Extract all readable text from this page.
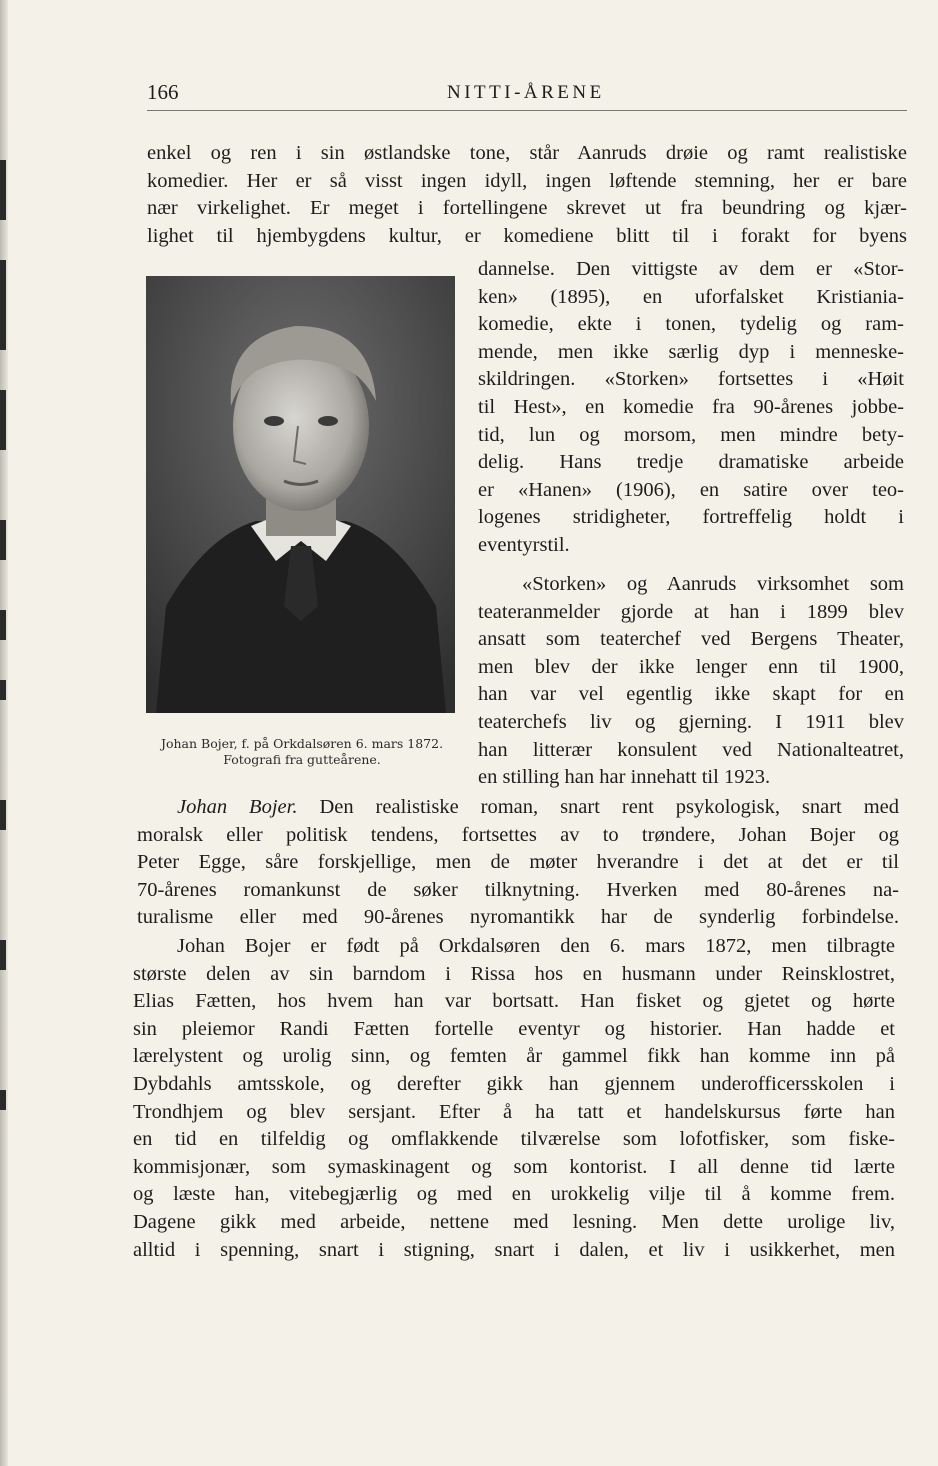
166	NITTI-ÅRENE
enkel og ren i sin østlandske tone, står Aanruds drøie og ramt realistiske
komedier. Her er så visst ingen idyll, ingen løftende stemning, her er bare
nær virkelighet. Er meget i fortellingene skrevet ut fra beundring og kjær-
lighet til hjembygdens kultur, er komediene blitt til i forakt for byens
Johan Bojer, f. på Orkdalsøren 6. mars 1872.
Fotografi fra gutteårene.
dannelse. Den vittigste av dem er «Stor-
ken» (1895), en uforfalsket Kristiania-
komedie, ekte i tonen, tydelig og ram-
mende, men ikke særlig dyp i menneske-
skildringen. «Storken» fortsettes i «Høit
til Hest», en komedie fra 90-årenes jobbe-
tid, lun og morsom, men mindre bety-
delig. Hans tredje dramatiske arbeide
er «Hanen» (1906), en satire over teo-
logenes stridigheter, fortreffelig holdt i
eventyrstil.
«Storken» og Aanruds virksomhet som
teateranmelder gjorde at han i 1899 blev
ansatt som teaterchef ved Bergens Theater,
men blev der ikke lenger enn til 1900,
han var vel egentlig ikke skapt for en
teaterchefs liv og gjerning. I 1911 blev
han litterær konsulent ved Nationalteatret,
en stilling han har innehatt til 1923.
Johan Bojer. Den realistiske roman, snart rent psykologisk, snart med
moralsk eller politisk tendens, fortsettes av to trøndere, Johan Bojer og
Peter Egge, såre forskjellige, men de møter hverandre i det at det er til
70-årenes romankunst de søker tilknytning. Hverken med 80-årenes na-
turalisme eller med 90-årenes nyromantikk har de synderlig forbindelse.
Johan Bojer er født på Orkdalsøren den 6. mars 1872, men tilbragte
største delen av sin barndom i Rissa hos en husmann under Reinsklostret,
Elias Fætten, hos hvem han var bortsatt. Han fisket og gjetet og hørte
sin pleiemor Randi Fætten fortelle eventyr og historier. Han hadde et
lærelystent og urolig sinn, og femten år gammel fikk han komme inn på
Dybdahls amtsskole, og derefter gikk han gjennem underofficersskolen i
Trondhjem og blev sersjant. Efter å ha tatt et handelskursus førte han
en tid en tilfeldig og omflakkende tilværelse som lofotfisker, som fiske-
kommisjonær, som symaskinagent og som kontorist. I all denne tid lærte
og læste han, vitebegjærlig og med en urokkelig vilje til å komme frem.
Dagene gikk med arbeide, nettene med lesning. Men dette urolige liv,
alltid i spenning, snart i stigning, snart i dalen, et liv i usikkerhet, men
